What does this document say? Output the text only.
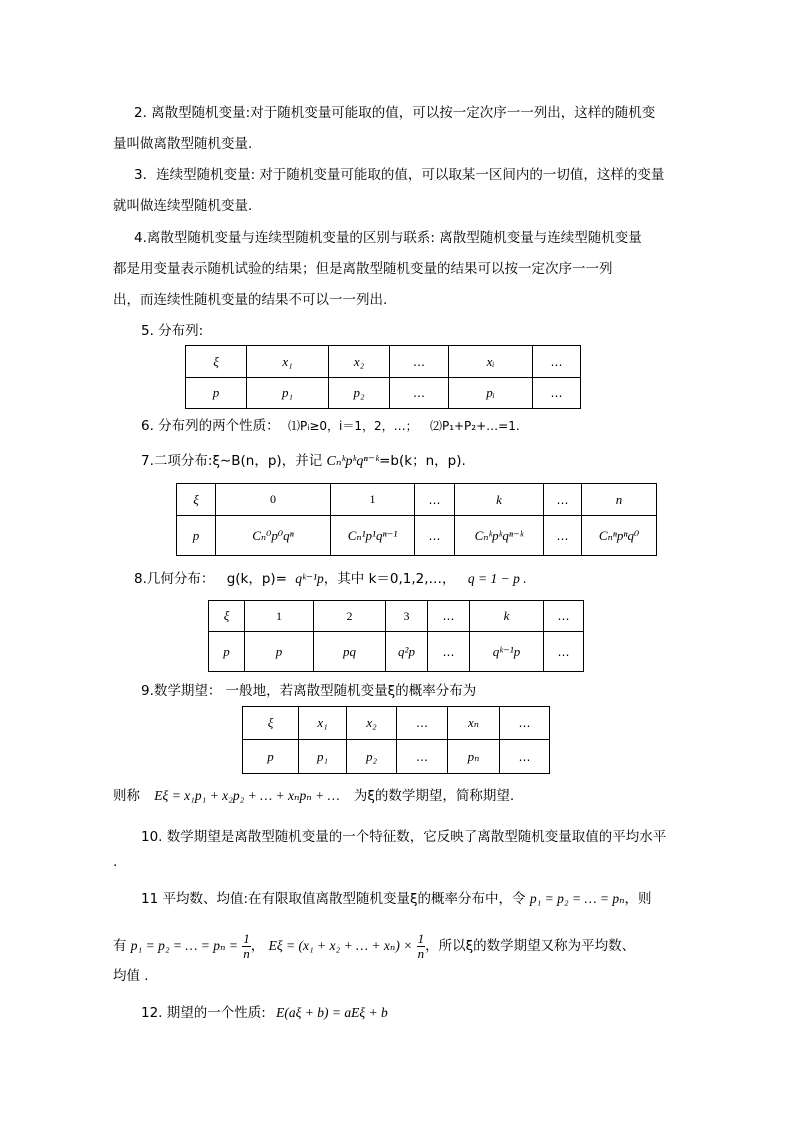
2. 离散型随机变量:对于随机变量可能取的值，可以按一定次序一一列出，这样的随机变
量叫做离散型随机变量.
3．连续型随机变量: 对于随机变量可能取的值，可以取某一区间内的一切值，这样的变量
就叫做连续型随机变量.
4.离散型随机变量与连续型随机变量的区别与联系: 离散型随机变量与连续型随机变量
都是用变量表示随机试验的结果；但是离散型随机变量的结果可以按一定次序一一列
出，而连续性随机变量的结果不可以一一列出.
5. 分布列:
ξ	x₁	x₂	…	xᵢ	…
p	p₁	p₂	…	pᵢ	…
6. 分布列的两个性质： ⑴Pᵢ≥0，i＝1，2，…； ⑵P₁+P₂+…=1.
7.二项分布:ξ∼B(n，p)，并记 Cₙᵏpᵏqⁿ⁻ᵏ=b(k；n，p).
ξ	0	1	…	k	…	n
p	Cₙ⁰p⁰qⁿ	Cₙ¹p¹qⁿ⁻¹	…	Cₙᵏpᵏqⁿ⁻ᵏ	…	Cₙⁿpⁿq⁰
8.几何分布： g(k，p)= qᵏ⁻¹p，其中 k＝0,1,2,…， q = 1 − p .
ξ	1	2	3	…	k	…
p	p	pq	q²p	…	qᵏ⁻¹p	…
9.数学期望： 一般地，若离散型随机变量ξ的概率分布为
ξ	x₁	x₂	…	xₙ	…
p	p₁	p₂	…	pₙ	…
则称 Eξ = x₁p₁ + x₂p₂ + … + xₙpₙ + … 为ξ的数学期望，简称期望.
10. 数学期望是离散型随机变量的一个特征数，它反映了离散型随机变量取值的平均水平
.
11 平均数、均值:在有限取值离散型随机变量ξ的概率分布中，令 p₁ = p₂ = … = pₙ，则
有 p₁ = p₂ = … = $p_n = \frac{1}{n}$ ， Eξ = (x₁ + x₂ + … + $x_n) \times \frac{1}{n}$ ，所以ξ的数学期望又称为平均数、
均值 .
12. 期望的一个性质: E(aξ + b) = aEξ + b
